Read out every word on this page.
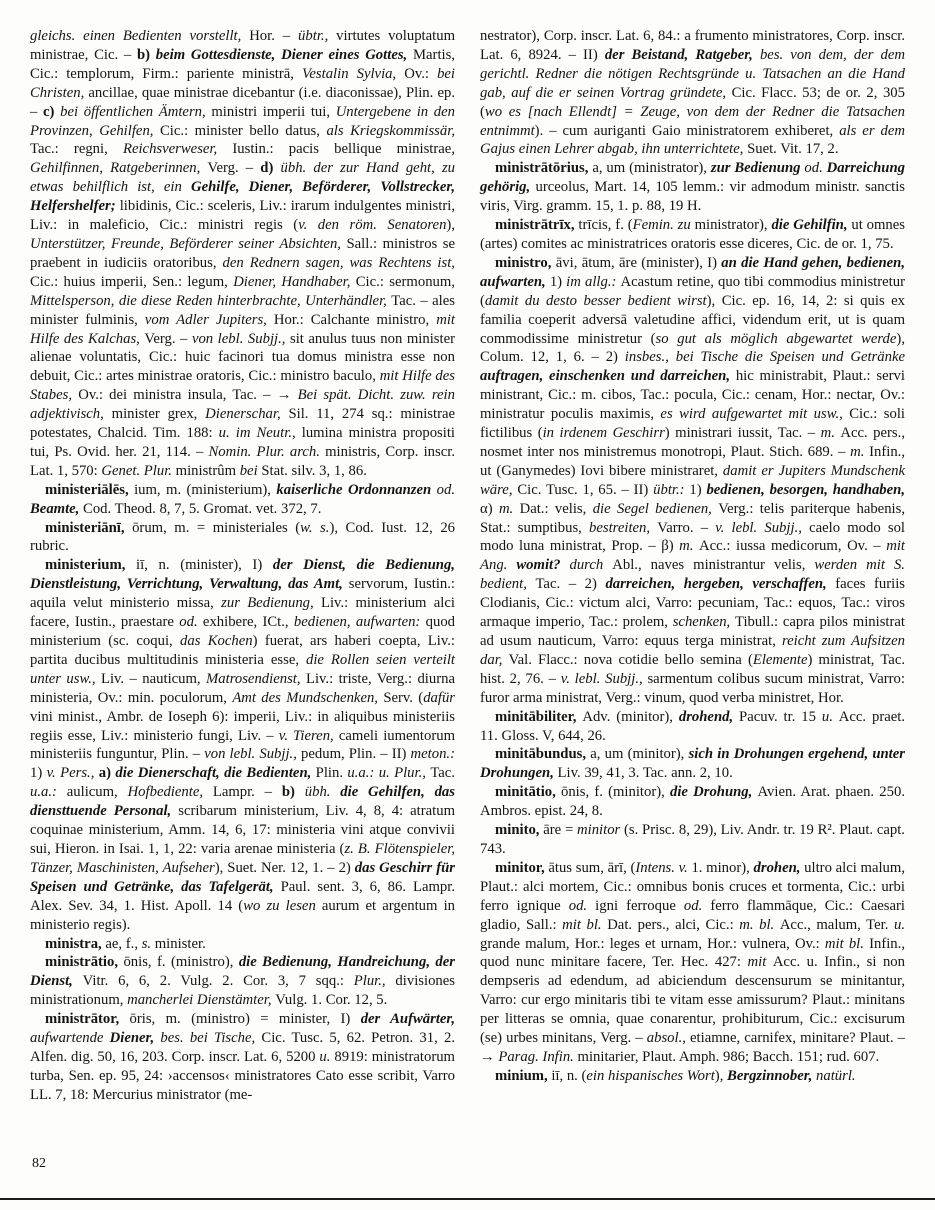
gleichs. einen Bedienten vorstellt, Hor. – übtr., virtutes voluptatum ministrae, Cic. – b) beim Gottesdienste, Diener eines Gottes, Martis, Cic.: templorum, Firm.: pariente ministrā, Vestalin Sylvia, Ov.: bei Christen, ancillae, quae ministrae dicebantur (i.e. diaconissae), Plin. ep. – c) bei öffentlichen Ämtern, ministri imperii tui, Untergebene in den Provinzen, Gehilfen, Cic.: minister bello datus, als Kriegskommissär, Tac.: regni, Reichsverweser, Iustin.: pacis bellique ministrae, Gehilfinnen, Ratgeberinnen, Verg. – d) übh. der zur Hand geht, zu etwas behilflich ist, ein Gehilfe, Diener, Beförderer, Vollstrecker, Helfershelfer; libidinis, Cic.: sceleris, Liv.: irarum indulgentes ministri, Liv.: in maleficio, Cic.: ministri regis (v. den röm. Senatoren), Unterstützer, Freunde, Beförderer seiner Absichten, Sall.: ministros se praebent in iudiciis oratoribus, den Rednern sagen, was Rechtens ist, Cic.: huius imperii, Sen.: legum, Diener, Handhaber, Cic.: sermonum, Mittelsperson, die diese Reden hinterbrachte, Unterhändler, Tac. – ales minister fulminis, vom Adler Jupiters, Hor.: Calchante ministro, mit Hilfe des Kalchas, Verg. – von lebl. Subjj., sit anulus tuus non minister alienae voluntatis, Cic.: huic facinori tua domus ministra esse non debuit, Cic.: artes ministrae oratoris, Cic.: ministro baculo, mit Hilfe des Stabes, Ov.: dei ministra insula, Tac. – → Bei spät. Dicht. zuw. rein adjektivisch, minister grex, Dienerschar, Sil. 11, 274 sq.: ministrae potestates, Chalcid. Tim. 188: u. im Neutr., lumina ministra propositi tui, Ps. Ovid. her. 21, 114. – Nomin. Plur. arch. ministris, Corp. inscr. Lat. 1, 570: Genet. Plur. ministrûm bei Stat. silv. 3, 1, 86.

ministeriālēs, ium, m. (ministerium), kaiserliche Ordonnanzen od. Beamte, Cod. Theod. 8, 7, 5. Gromat. vet. 372, 7.

ministeriānī, ōrum, m. = ministeriales (w. s.), Cod. Iust. 12, 26 rubric.

ministerium, iī, n. (minister), I) der Dienst, die Bedienung, Dienstleistung, Verrichtung, Verwaltung, das Amt, servorum, Iustin.: aquila velut ministerio missa, zur Bedienung, Liv.: ministerium alci facere, Iustin., praestare od. exhibere, ICt., bedienen, aufwarten: quod ministerium (sc. coqui, das Kochen) fuerat, ars haberi coepta, Liv.: partita ducibus multitudinis ministeria esse, die Rollen seien verteilt unter usw., Liv. – nauticum, Matrosendienst, Liv.: triste, Verg.: diurna ministeria, Ov.: min. poculorum, Amt des Mundschenken, Serv. (dafür vini minist., Ambr. de Ioseph 6): imperii, Liv.: in aliquibus ministeriis regiis esse, Liv.: ministerio fungi, Liv. – v. Tieren, cameli iumentorum ministeriis funguntur, Plin. – von lebl. Subjj., pedum, Plin. – II) meton.: 1) v. Pers., a) die Dienerschaft, die Bedienten, Plin. u.a.: u. Plur., Tac. u.a.: aulicum, Hofbediente, Lampr. – b) übh. die Gehilfen, das diensttuende Personal, scribarum ministerium, Liv. 4, 8, 4: atratum coquinae ministerium, Amm. 14, 6, 17: ministeria vini atque convivii sui, Hieron. in Isai. 1, 1, 22: varia arenae ministeria (z. B. Flötenspieler, Tänzer, Maschinisten, Aufseher), Suet. Ner. 12, 1. – 2) das Geschirr für Speisen und Getränke, das Tafelgerät, Paul. sent. 3, 6, 86. Lampr. Alex. Sev. 34, 1. Hist. Apoll. 14 (wo zu lesen aurum et argentum in ministerio regis).

ministra, ae, f., s. minister.

ministrātio, ōnis, f. (ministro), die Bedienung, Handreichung, der Dienst, Vitr. 6, 6, 2. Vulg. 2. Cor. 3, 7 sqq.: Plur., divisiones ministrationum, mancherlei Dienstämter, Vulg. 1. Cor. 12, 5.

ministrātor, ōris, m. (ministro) = minister, I) der Aufwärter, aufwartende Diener, bes. bei Tische, Cic. Tusc. 5, 62. Petron. 31, 2. Alfen. dig. 50, 16, 203. Corp. inscr. Lat. 6, 5200 u. 8919: ministratorum turba, Sen. ep. 95, 24: ›accensos‹ ministratores Cato esse scribit, Varro LL. 7, 18: Mercurius ministrator (me-

nestrator), Corp. inscr. Lat. 6, 84.: a frumento ministratores, Corp. inscr. Lat. 6, 8924. – II) der Beistand, Ratgeber, bes. von dem, der dem gerichtl. Redner die nötigen Rechtsgründe u. Tatsachen an die Hand gab, auf die er seinen Vortrag gründete, Cic. Flacc. 53; de or. 2, 305 (wo es [nach Ellendt] = Zeuge, von dem der Redner die Tatsachen entnimmt). – cum auriganti Gaio ministratorem exhiberet, als er dem Gajus einen Lehrer abgab, ihn unterrichtete, Suet. Vit. 17, 2.

ministrātōrius, a, um (ministrator), zur Bedienung od. Darreichung gehörig, urceolus, Mart. 14, 105 lemm.: vir admodum ministr. sanctis viris, Virg. gramm. 15, 1. p. 88, 19 H.

ministrātrīx, trīcis, f. (Femin. zu ministrator), die Gehilfin, ut omnes (artes) comites ac ministratrices oratoris esse diceres, Cic. de or. 1, 75.

ministro, āvi, ātum, āre (minister), I) an die Hand gehen, bedienen, aufwarten, 1) im allg.: Acastum retine, quo tibi commodius ministretur (damit du desto besser bedient wirst), Cic. ep. 16, 14, 2: si quis ex familia coeperit adversā valetudine affici, videndum erit, ut is quam commodissime ministretur (so gut als möglich abgewartet werde), Colum. 12, 1, 6. – 2) insbes., bei Tische die Speisen und Getränke auftragen, einschenken und darreichen, hic ministrabit, Plaut.: servi ministrant, Cic.: m. cibos, Tac.: pocula, Cic.: cenam, Hor.: nectar, Ov.: ministratur poculis maximis, es wird aufgewartet mit usw., Cic.: soli fictilibus (in irdenem Geschirr) ministrari iussit, Tac. – m. Acc. pers., nosmet inter nos ministremus monotropi, Plaut. Stich. 689. – m. Infin., ut (Ganymedes) Iovi bibere ministraret, damit er Jupiters Mundschenk wäre, Cic. Tusc. 1, 65. – II) übtr.: 1) bedienen, besorgen, handhaben, α) m. Dat.: velis, die Segel bedienen, Verg.: telis pariterque habenis, Stat.: sumptibus, bestreiten, Varro. – v. lebl. Subjj., caelo modo sol modo luna ministrat, Prop. – β) m. Acc.: iussa medicorum, Ov. – mit Ang. womit? durch Abl., naves ministrantur velis, werden mit S. bedient, Tac. – 2) darreichen, hergeben, verschaffen, faces furiis Clodianis, Cic.: victum alci, Varro: pecuniam, Tac.: equos, Tac.: viros armaque imperio, Tac.: prolem, schenken, Tibull.: capra pilos ministrat ad usum nauticum, Varro: equus terga ministrat, reicht zum Aufsitzen dar, Val. Flacc.: nova cotidie bello semina (Elemente) ministrat, Tac. hist. 2, 76. – v. lebl. Subjj., sarmentum colibus sucum ministrat, Varro: furor arma ministrat, Verg.: vinum, quod verba ministret, Hor.

minitābiliter, Adv. (minitor), drohend, Pacuv. tr. 15 u. Acc. praet. 11. Gloss. V, 644, 26.

minitābundus, a, um (minitor), sich in Drohungen ergehend, unter Drohungen, Liv. 39, 41, 3. Tac. ann. 2, 10.

minitātio, ōnis, f. (minitor), die Drohung, Avien. Arat. phaen. 250. Ambros. epist. 24, 8.

minito, āre = minitor (s. Prisc. 8, 29), Liv. Andr. tr. 19 R². Plaut. capt. 743.

minitor, ātus sum, ārī, (Intens. v. 1. minor), drohen, ultro alci malum, Plaut.: alci mortem, Cic.: omnibus bonis cruces et tormenta, Cic.: urbi ferro ignique od. igni ferroque od. ferro flammāque, Cic.: Caesari gladio, Sall.: mit bl. Dat. pers., alci, Cic.: m. bl. Acc., malum, Ter. u. grande malum, Hor.: leges et urnam, Hor.: vulnera, Ov.: mit bl. Infin., quod nunc minitare facere, Ter. Hec. 427: mit Acc. u. Infin., si non dempseris ad edendum, ad abiciendum descensurum se minitantur, Varro: cur ergo minitaris tibi te vitam esse amissurum? Plaut.: minitans per litteras se omnia, quae conarentur, prohibiturum, Cic.: excisurum (se) urbes minitans, Verg. – absol., etiamne, carnifex, minitare? Plaut. – → Parag. Infin. minitarier, Plaut. Amph. 986; Bacch. 151; rud. 607.

minium, iī, n. (ein hispanisches Wort), Bergzinnober, natürl.

82
